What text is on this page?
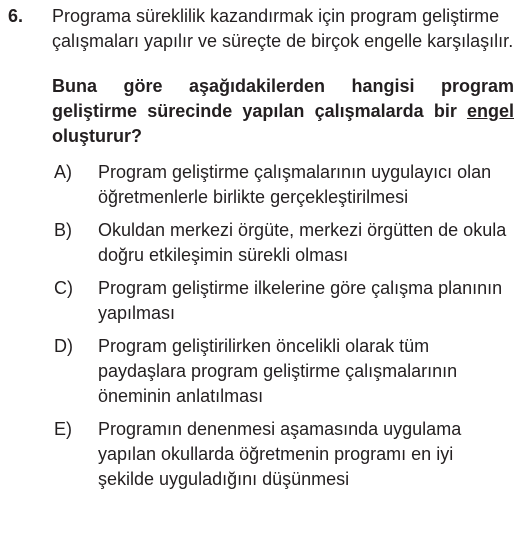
6.	Programa süreklilik kazandırmak için program geliştirme çalışmaları yapılır ve süreçte de birçok engelle karşılaşılır.

Buna göre aşağıdakilerden hangisi program geliştirme sürecinde yapılan çalışmalarda bir engel oluşturur?

A)	Program geliştirme çalışmalarının uygulayıcı olan öğretmenlerle birlikte gerçekleştirilmesi
B)	Okuldan merkezi örgüte, merkezi örgütten de okula doğru etkileşimin sürekli olması
C)	Program geliştirme ilkelerine göre çalışma planının yapılması
D)	Program geliştirilirken öncelikli olarak tüm paydaşlara program geliştirme çalışmalarının öneminin anlatılması
E)	Programın denenmesi aşamasında uygulama yapılan okullarda öğretmenin programı en iyi şekilde uyguladığını düşünmesi
